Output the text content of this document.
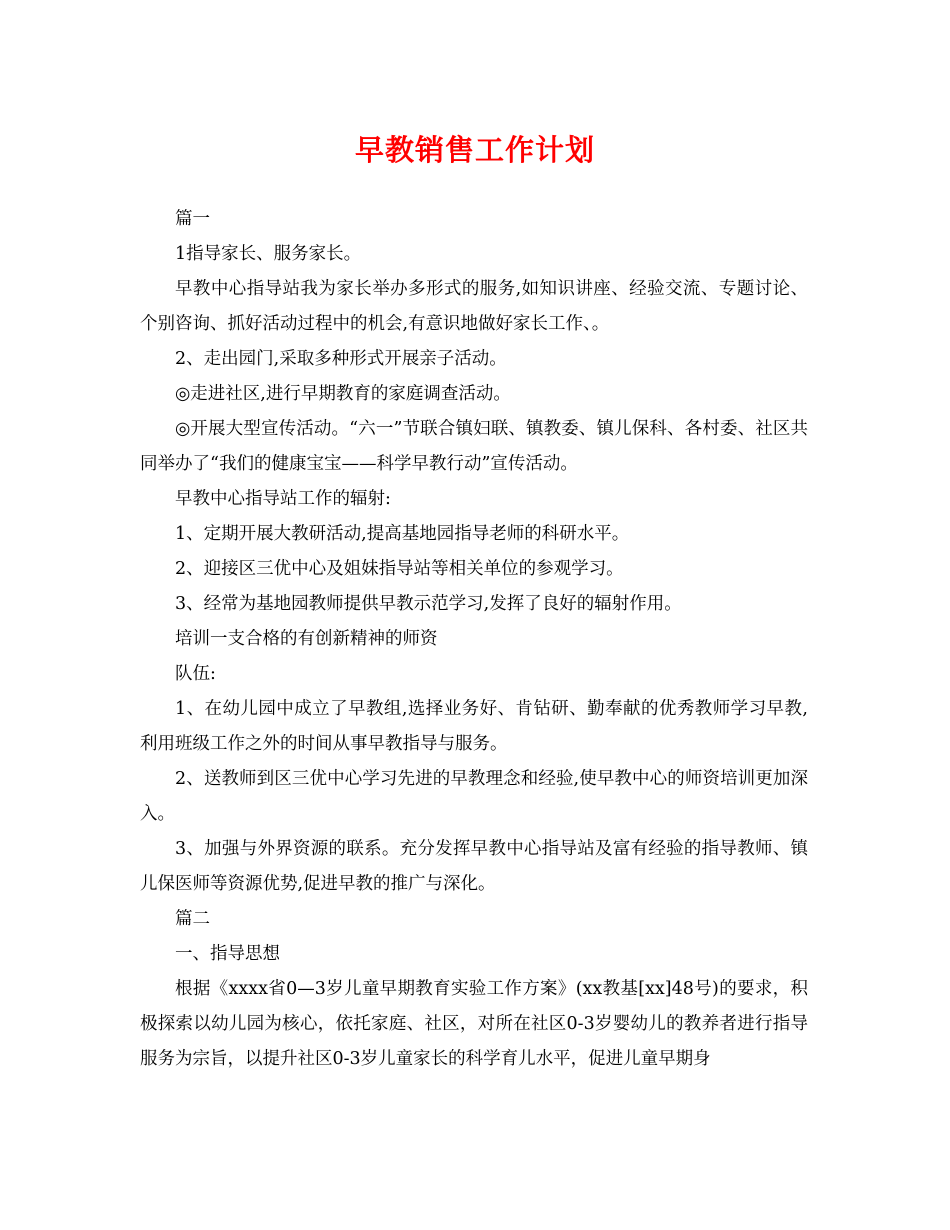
早教销售工作计划

篇一

1指导家长、服务家长。

早教中心指导站我为家长举办多形式的服务,如知识讲座、经验交流、专题讨论、个别咨询、抓好活动过程中的机会,有意识地做好家长工作、。

2、走出园门,采取多种形式开展亲子活动。

◎走进社区,进行早期教育的家庭调查活动。

◎开展大型宣传活动。“六一”节联合镇妇联、镇教委、镇儿保科、各村委、社区共同举办了“我们的健康宝宝——科学早教行动”宣传活动。

早教中心指导站工作的辐射:

1、定期开展大教研活动,提高基地园指导老师的科研水平。

2、迎接区三优中心及姐妹指导站等相关单位的参观学习。

3、经常为基地园教师提供早教示范学习,发挥了良好的辐射作用。

培训一支合格的有创新精神的师资

队伍:

1、在幼儿园中成立了早教组,选择业务好、肯钻研、勤奉献的优秀教师学习早教,利用班级工作之外的时间从事早教指导与服务。

2、送教师到区三优中心学习先进的早教理念和经验,使早教中心的师资培训更加深入。

3、加强与外界资源的联系。充分发挥早教中心指导站及富有经验的指导教师、镇儿保医师等资源优势,促进早教的推广与深化。

篇二

一、指导思想

根据《xxxx省0—3岁儿童早期教育实验工作方案》(xx教基[xx]48号)的要求，积极探索以幼儿园为核心，依托家庭、社区，对所在社区0-3岁婴幼儿的教养者进行指导服务为宗旨，以提升社区0-3岁儿童家长的科学育儿水平，促进儿童早期身
